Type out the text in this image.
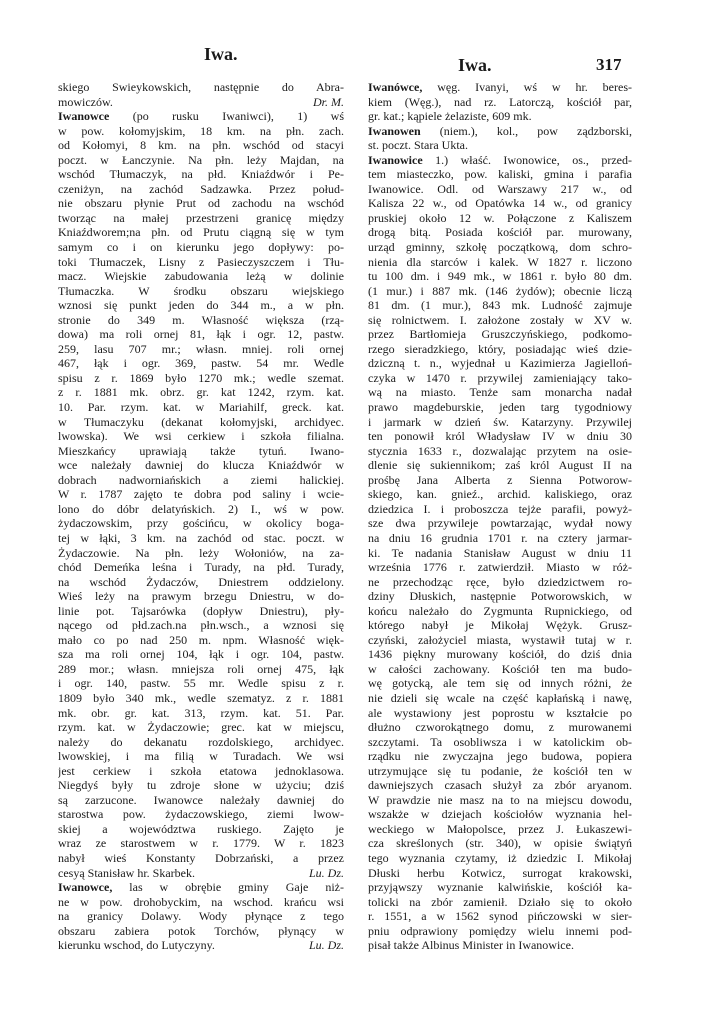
Iwa.
Iwa.	317
skiego Swieykowskich, następnie do Abra-
mowiczów.	Dr. M.
Iwanowce (po rusku Iwaniwci), 1) wś
w pow. kołomyjskim, 18 km. na płn. zach.
od Kołomyi, 8 km. na płn. wschód od stacyi
poczt. w Łanczynie. Na płn. leży Majdan, na
wschód Tłumaczyk, na płd. Kniaźdwór i Pe-
czeniżyn, na zachód Sadzawka. Przez połud-
nie obszaru płynie Prut od zachodu na wschód
tworząc na małej przestrzeni granicę między
Kniaźdworem;na płn. od Prutu ciągną się w tym
samym co i on kierunku jego dopływy: po-
toki Tłumaczek, Lisny z Pasieczyszczem i Tłu-
macz. Wiejskie zabudowania leżą w dolinie
Tłumaczka. W środku obszaru wiejskiego
wznosi się punkt jeden do 344 m., a w płn.
stronie do 349 m. Własność większa (rzą-
dowa) ma roli ornej 81, łąk i ogr. 12, pastw.
259, lasu 707 mr.; własn. mniej. roli ornej
467, łąk i ogr. 369, pastw. 54 mr. Wedle
spisu z r. 1869 było 1270 mk.; wedle szemat.
z r. 1881 mk. obrz. gr. kat 1242, rzym. kat.
10. Par. rzym. kat. w Mariahilf, greck. kat.
w Tłumaczyku (dekanat kołomyjski, archidyec.
lwowska). We wsi cerkiew i szkoła filialna.
Mieszkańcy uprawiają także tytuń. Iwano-
wce należały dawniej do klucza Kniaźdwór w
dobrach nadworniańskich a ziemi halickiej.
W r. 1787 zajęto te dobra pod saliny i wcie-
lono do dóbr delatyńskich. 2) I., wś w pow.
żydaczowskim, przy gościńcu, w okolicy boga-
tej w łąki, 3 km. na zachód od stac. poczt. w
Żydaczowie. Na płn. leży Wołoniów, na za-
chód Demeńka leśna i Turady, na płd. Turady,
na wschód Żydaczów, Dniestrem oddzielony.
Wieś leży na prawym brzegu Dniestru, w do-
linie pot. Tajsarówka (dopływ Dniestru), pły-
nącego od płd.zach.na płn.wsch., a wznosi się
mało co po nad 250 m. npm. Własność więk-
sza ma roli ornej 104, łąk i ogr. 104, pastw.
289 mor.; własn. mniejsza roli ornej 475, łąk
i ogr. 140, pastw. 55 mr. Wedle spisu z r.
1809 było 340 mk., wedle szematyz. z r. 1881
mk. obr. gr. kat. 313, rzym. kat. 51. Par.
rzym. kat. w Żydaczowie; grec. kat w miejscu,
należy do dekanatu rozdolskiego, archidyec.
lwowskiej, i ma filią w Turadach. We wsi
jest cerkiew i szkoła etatowa jednoklasowa.
Niegdyś były tu zdroje słone w użyciu; dziś
są zarzucone. Iwanowce należały dawniej do
starostwa pow. żydaczowskiego, ziemi lwow-
skiej a województwa ruskiego. Zajęto je
wraz ze starostwem w r. 1779. W r. 1823
nabył wieś Konstanty Dobrzański, a przez
cesyą Stanisław hr. Skarbek.	Lu. Dz.
Iwanowce, las w obrębie gminy Gaje niż-
ne w pow. drohobyckim, na wschod. krańcu wsi
na granicy Dolawy. Wody płynące z tego
obszaru zabiera potok Torchów, płynący w
kierunku wschod, do Lutyczyny.	Lu. Dz.
Iwanówce, węg. Ivanyi, wś w hr. beres-
kiem (Węg.), nad rz. Latorczą, kościół par,
gr. kat.; kąpiele żelaziste, 609 mk.
Iwanowen (niem.), kol., pow ządzborski,
st. poczt. Stara Ukta.
Iwanowice 1.) właść. Iwonowice, os., przed-
tem miasteczko, pow. kaliski, gmina i parafia
Iwanowice. Odl. od Warszawy 217 w., od
Kalisza 22 w., od Opatówka 14 w., od granicy
pruskiej około 12 w. Połączone z Kaliszem
drogą bitą. Posiada kościół par. murowany,
urząd gminny, szkołę początkową, dom schro-
nienia dla starców i kalek. W 1827 r. liczono
tu 100 dm. i 949 mk., w 1861 r. było 80 dm.
(1 mur.) i 887 mk. (146 żydów); obecnie liczą
81 dm. (1 mur.), 843 mk. Ludność zajmuje
się rolnictwem. I. założone zostały w XV w.
przez Bartłomieja Gruszczyńskiego, podkomo-
rzego sieradzkiego, który, posiadając wieś dzie-
dziczną t. n., wyjednał u Kazimierza Jagielloń-
czyka w 1470 r. przywilej zamieniający tako-
wą na miasto. Tenże sam monarcha nadał
prawo magdeburskie, jeden targ tygodniowy
i jarmark w dzień św. Katarzyny. Przywilej
ten ponowił król Władysław IV w dniu 30
stycznia 1633 r., dozwalając przytem na osie-
dlenie się sukiennikom; zaś król August II na
prośbę Jana Alberta z Sienna Potworow-
skiego, kan. gnieź., archid. kaliskiego, oraz
dziedzica I. i proboszcza tejże parafii, powyż-
sze dwa przywileje powtarzając, wydał nowy
na dniu 16 grudnia 1701 r. na cztery jarmar-
ki. Te nadania Stanisław August w dniu 11
września 1776 r. zatwierdził. Miasto w róż-
ne przechodząc ręce, było dziedzictwem ro-
dziny Dłuskich, następnie Potworowskich, w
końcu należało do Zygmunta Rupnickiego, od
którego nabył je Mikołaj Wężyk. Grusz-
czyński, założyciel miasta, wystawił tutaj w r.
1436 piękny murowany kościół, do dziś dnia
w całości zachowany. Kościół ten ma budo-
wę gotycką, ale tem się od innych różni, że
nie dzieli się wcale na część kapłańską i nawę,
ale wystawiony jest poprostu w kształcie po
dłużno czworokątnego domu, z murowanemi
szczytami. Ta osobliwsza i w katolickim ob-
rządku nie zwyczajna jego budowa, popiera
utrzymujące się tu podanie, że kościół ten w
dawniejszych czasach służył za zbór aryanom.
W prawdzie nie masz na to na miejscu dowodu,
wszakże w dziejach kościołów wyznania hel-
weckiego w Małopolsce, przez J. Łukaszewi-
cza skreślonych (str. 340), w opisie świątyń
tego wyznania czytamy, iż dziedzic I. Mikołaj
Dłuski herbu Kotwicz, surrogat krakowski,
przyjąwszy wyznanie kalwińskie, kościół ka-
tolicki na zbór zamienił. Działo się to około
r. 1551, a w 1562 synod pińczowski w sier-
pniu odprawiony pomiędzy wielu innemi pod-
pisał także Albinus Minister in Iwanowice.
